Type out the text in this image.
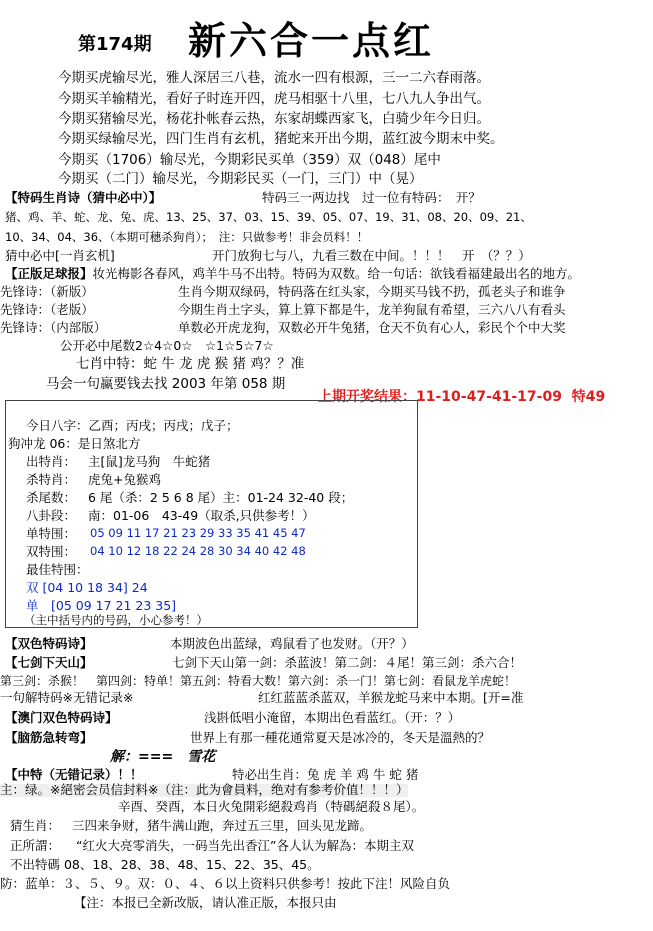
第174期 新六合一点红
今期买虎输尽光，雅人深居三八巷，流水一四有根源，三一二六春雨落。
今期买羊输精光，看好子时连开四，虎马相驱十八里，七八九人争出气。
今期买猪输尽光，杨花扑帐春云热，东家胡蝶西家飞，白骑少年今日归。
今期买绿输尽光，四门生肖有玄机，猪蛇来开出今期，蓝红波今期末中奖。
今期买（1706）输尽光，今期彩民买单（359）双（048）尾中
今期买（二门）输尽光，今期彩民买（一门，三门）中（晃）
【特码生肖诗（猜中必中）】	特码三一两边找　过一位有特码：　开？
猪、鸡、羊、蛇、龙、兔、虎、13、25、37、03、15、39、05、07、19、31、08、20、09、21、
10、34、04、36、（本期可穗杀狗肖）；　注：只做参考！非会员料！！
猜中必中[一肖玄机]	开门放狗七与八，九看三数在中间。！！！　开　（？？）
【正版足球报】妆光梅影各春风，鸡羊牛马不出特。特码为双数。给一句话：欲钱看福建最出名的地方。
先锋诗：（新版）	生肖今期双绿码，特码落在红头家，今期买马钱不扔，孤老头子和谁争
先锋诗：（老版）	今期生肖土字头，算上算下都是牛，龙羊狗鼠有希望，三六八八有看头
先锋诗：（内部版）	单数必开虎龙狗，双数必开牛兔猪，仓天不负有心人，彩民个个中大奖
公开必中尾数2☆4☆0☆　☆1☆5☆7☆
七肖中特：蛇 牛 龙 虎 猴 猪 鸡？？准
马会一句赢要钱去找 2003 年第 058 期
上期开奖结果：11-10-47-41-17-09 特49
今日八字：乙酉；丙戌；丙戌；戊子；
狗冲龙 06：是日煞北方
出特肖： 主[鼠]龙马狗　牛蛇猪
杀特肖： 虎兔+兔猴鸡
杀尾数： 6 尾（杀：2 5 6 8 尾）主：01-24 32-40 段；
八卦段： 南：01-06　43-49（取杀,只供参考！）
单特围： 05 09 11 17 21 23 29 33 35 41 45 47
双特围： 04 10 12 18 22 24 28 30 34 40 42 48
最佳特围：
双 [04 10 18 34] 24
单　[05 09 17 21 23 35]
（主中括号内的号码，小心参考！）
【双色特码诗】	本期波色出蓝绿，鸡鼠看了也发财。（开？）
【七剑下天山】	七剑下天山第一剑：杀蓝波！第二剑：４尾！第三剑：杀六合！
第三剑：杀猴！　第四剑：特单！第五剑：特看大数！第六剑：杀一门！第七剑：看鼠龙羊虎蛇！
一句解特码※无错记录※	红红蓝蓝杀蓝双，羊猴龙蛇马来中本期。[开=准
【澳门双色特码诗】	浅斟低唱小淹留，本期出色看蓝红。（开：？）
【脑筋急转弯】	世界上有那一種花通常夏天是冰冷的，冬天是溫熱的？
解：===　雪花
【中特（无错记录）！！	特必出生肖：兔 虎 羊 鸡 牛 蛇 猪
主：绿。※絕密会员信封料※（注：此为會員料，绝对有参考价值！！！）
辛酉、癸酉，本日火兔開彩絕殺鸡肖（特碼絕殺８尾）。
猜生肖： 三四来争财，猪牛满山跑，奔过五三里，回头见龙蹄。
正所謂： “红火大亮零消失，一码当先出香江”各人认为解為：本期主双
不出特碼 08、18、28、38、48、15、22、35、45。
防：蓝单：３、５、９。双：０、４、６以上资料只供参考！按此下注！风险自负
【注：本报已全新改版，请认准正版，本报只由
